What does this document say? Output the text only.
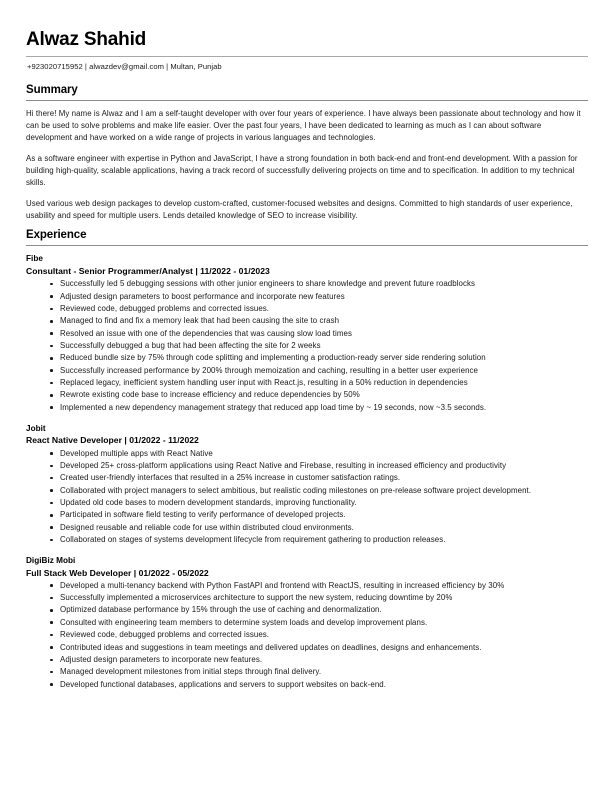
Alwaz Shahid
+923020715952 | alwazdev@gmail.com | Multan, Punjab
Summary

Hi there! My name is Alwaz and I am a self-taught developer with over four years of experience. I have always been passionate about technology and how it can be used to solve problems and make life easier. Over the past four years, I have been dedicated to learning as much as I can about software development and have worked on a wide range of projects in various languages and technologies.

As a software engineer with expertise in Python and JavaScript, I have a strong foundation in both back-end and front-end development. With a passion for building high-quality, scalable applications, having a track record of successfully delivering projects on time and to specification. In addition to my technical skills.

Used various web design packages to develop custom-crafted, customer-focused websites and designs. Committed to high standards of user experience, usability and speed for multiple users. Lends detailed knowledge of SEO to increase visibility.

Experience
Fibe
Consultant - Senior Programmer/Analyst | 11/2022 - 01/2023
Successfully led 5 debugging sessions with other junior engineers to share knowledge and prevent future roadblocks
Adjusted design parameters to boost performance and incorporate new features
Reviewed code, debugged problems and corrected issues.
Managed to find and fix a memory leak that had been causing the site to crash
Resolved an issue with one of the dependencies that was causing slow load times
Successfully debugged a bug that had been affecting the site for 2 weeks
Reduced bundle size by 75% through code splitting and implementing a production-ready server side rendering solution
Successfully increased performance by 200% through memoization and caching, resulting in a better user experience
Replaced legacy, inefficient system handling user input with React.js, resulting in a 50% reduction in dependencies
Rewrote existing code base to increase efficiency and reduce dependencies by 50%
Implemented a new dependency management strategy that reduced app load time by ~ 19 seconds, now ~3.5 seconds.
Jobit
React Native Developer | 01/2022 - 11/2022
Developed multiple apps with React Native
Developed 25+ cross-platform applications using React Native and Firebase, resulting in increased efficiency and productivity
Created user-friendly interfaces that resulted in a 25% increase in customer satisfaction ratings.
Collaborated with project managers to select ambitious, but realistic coding milestones on pre-release software project development.
Updated old code bases to modern development standards, improving functionality.
Participated in software field testing to verify performance of developed projects.
Designed reusable and reliable code for use within distributed cloud environments.
Collaborated on stages of systems development lifecycle from requirement gathering to production releases.
DigiBiz Mobi
Full Stack Web Developer | 01/2022 - 05/2022
Developed a multi-tenancy backend with Python FastAPI and frontend with ReactJS, resulting in increased efficiency by 30%
Successfully implemented a microservices architecture to support the new system, reducing downtime by 20%
Optimized database performance by 15% through the use of caching and denormalization.
Consulted with engineering team members to determine system loads and develop improvement plans.
Reviewed code, debugged problems and corrected issues.
Contributed ideas and suggestions in team meetings and delivered updates on deadlines, designs and enhancements.
Adjusted design parameters to incorporate new features.
Managed development milestones from initial steps through final delivery.
Developed functional databases, applications and servers to support websites on back-end.
